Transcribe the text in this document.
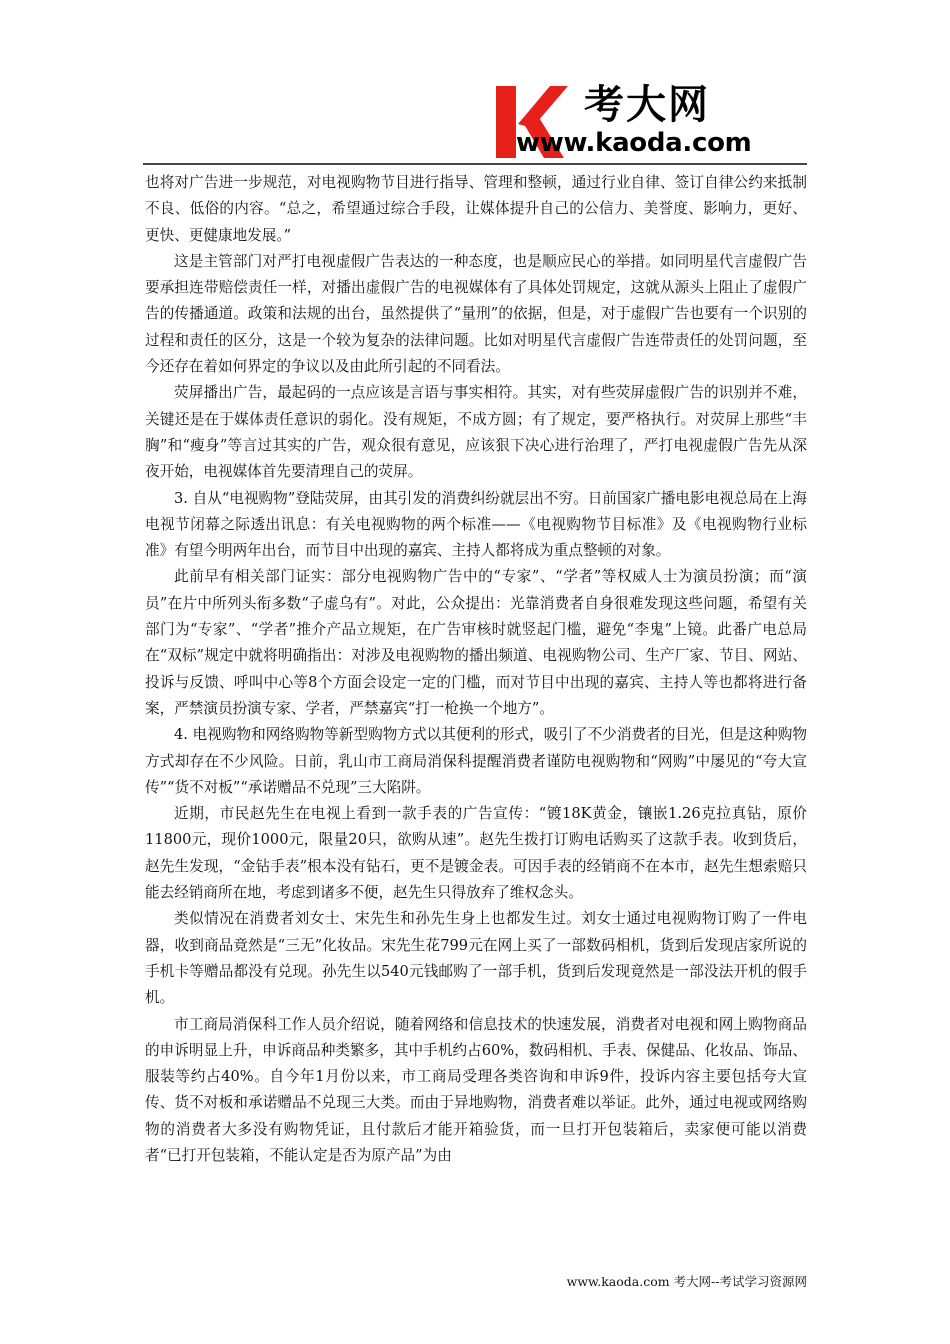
考大网
www.kaoda.com

也将对广告进一步规范，对电视购物节目进行指导、管理和整顿，通过行业自律、签订自律公约来抵制不良、低俗的内容。“总之，希望通过综合手段，让媒体提升自己的公信力、美誉度、影响力，更好、更快、更健康地发展。”

这是主管部门对严打电视虚假广告表达的一种态度，也是顺应民心的举措。如同明星代言虚假广告要承担连带赔偿责任一样，对播出虚假广告的电视媒体有了具体处罚规定，这就从源头上阻止了虚假广告的传播通道。政策和法规的出台，虽然提供了“量刑”的依据，但是，对于虚假广告也要有一个识别的过程和责任的区分，这是一个较为复杂的法律问题。比如对明星代言虚假广告连带责任的处罚问题，至今还存在着如何界定的争议以及由此所引起的不同看法。

荧屏播出广告，最起码的一点应该是言语与事实相符。其实，对有些荧屏虚假广告的识别并不难，关键还是在于媒体责任意识的弱化。没有规矩，不成方圆；有了规定，要严格执行。对荧屏上那些“丰胸”和“瘦身”等言过其实的广告，观众很有意见，应该狠下决心进行治理了，严打电视虚假广告先从深夜开始，电视媒体首先要清理自己的荧屏。

3. 自从“电视购物”登陆荧屏，由其引发的消费纠纷就层出不穷。日前国家广播电影电视总局在上海电视节闭幕之际透出讯息：有关电视购物的两个标准——《电视购物节目标准》及《电视购物行业标准》有望今明两年出台，而节目中出现的嘉宾、主持人都将成为重点整顿的对象。

此前早有相关部门证实：部分电视购物广告中的“专家”、“学者”等权威人士为演员扮演；而“演员”在片中所列头衔多数“子虚乌有”。对此，公众提出：光靠消费者自身很难发现这些问题，希望有关部门为“专家”、“学者”推介产品立规矩，在广告审核时就竖起门槛，避免“李鬼”上镜。此番广电总局在“双标”规定中就将明确指出：对涉及电视购物的播出频道、电视购物公司、生产厂家、节目、网站、投诉与反馈、呼叫中心等8个方面会设定一定的门槛，而对节目中出现的嘉宾、主持人等也都将进行备案，严禁演员扮演专家、学者，严禁嘉宾“打一枪换一个地方”。

4. 电视购物和网络购物等新型购物方式以其便利的形式，吸引了不少消费者的目光，但是这种购物方式却存在不少风险。日前，乳山市工商局消保科提醒消费者谨防电视购物和“网购”中屡见的“夸大宣传”“货不对板”“承诺赠品不兑现”三大陷阱。

近期，市民赵先生在电视上看到一款手表的广告宣传：“镀18K黄金，镶嵌1.26克拉真钻，原价11800元，现价1000元，限量20只，欲购从速”。赵先生拨打订购电话购买了这款手表。收到货后，赵先生发现，“金钻手表”根本没有钻石，更不是镀金表。可因手表的经销商不在本市，赵先生想索赔只能去经销商所在地，考虑到诸多不便，赵先生只得放弃了维权念头。

类似情况在消费者刘女士、宋先生和孙先生身上也都发生过。刘女士通过电视购物订购了一件电器，收到商品竟然是“三无”化妆品。宋先生花799元在网上买了一部数码相机，货到后发现店家所说的手机卡等赠品都没有兑现。孙先生以540元钱邮购了一部手机，货到后发现竟然是一部没法开机的假手机。

市工商局消保科工作人员介绍说，随着网络和信息技术的快速发展，消费者对电视和网上购物商品的申诉明显上升，申诉商品种类繁多，其中手机约占60%，数码相机、手表、保健品、化妆品、饰品、服装等约占40%。自今年1月份以来，市工商局受理各类咨询和申诉9件，投诉内容主要包括夸大宣传、货不对板和承诺赠品不兑现三大类。而由于异地购物，消费者难以举证。此外，通过电视或网络购物的消费者大多没有购物凭证，且付款后才能开箱验货，而一旦打开包装箱后，卖家便可能以消费者“已打开包装箱，不能认定是否为原产品”为由

www.kaoda.com 考大网--考试学习资源网
